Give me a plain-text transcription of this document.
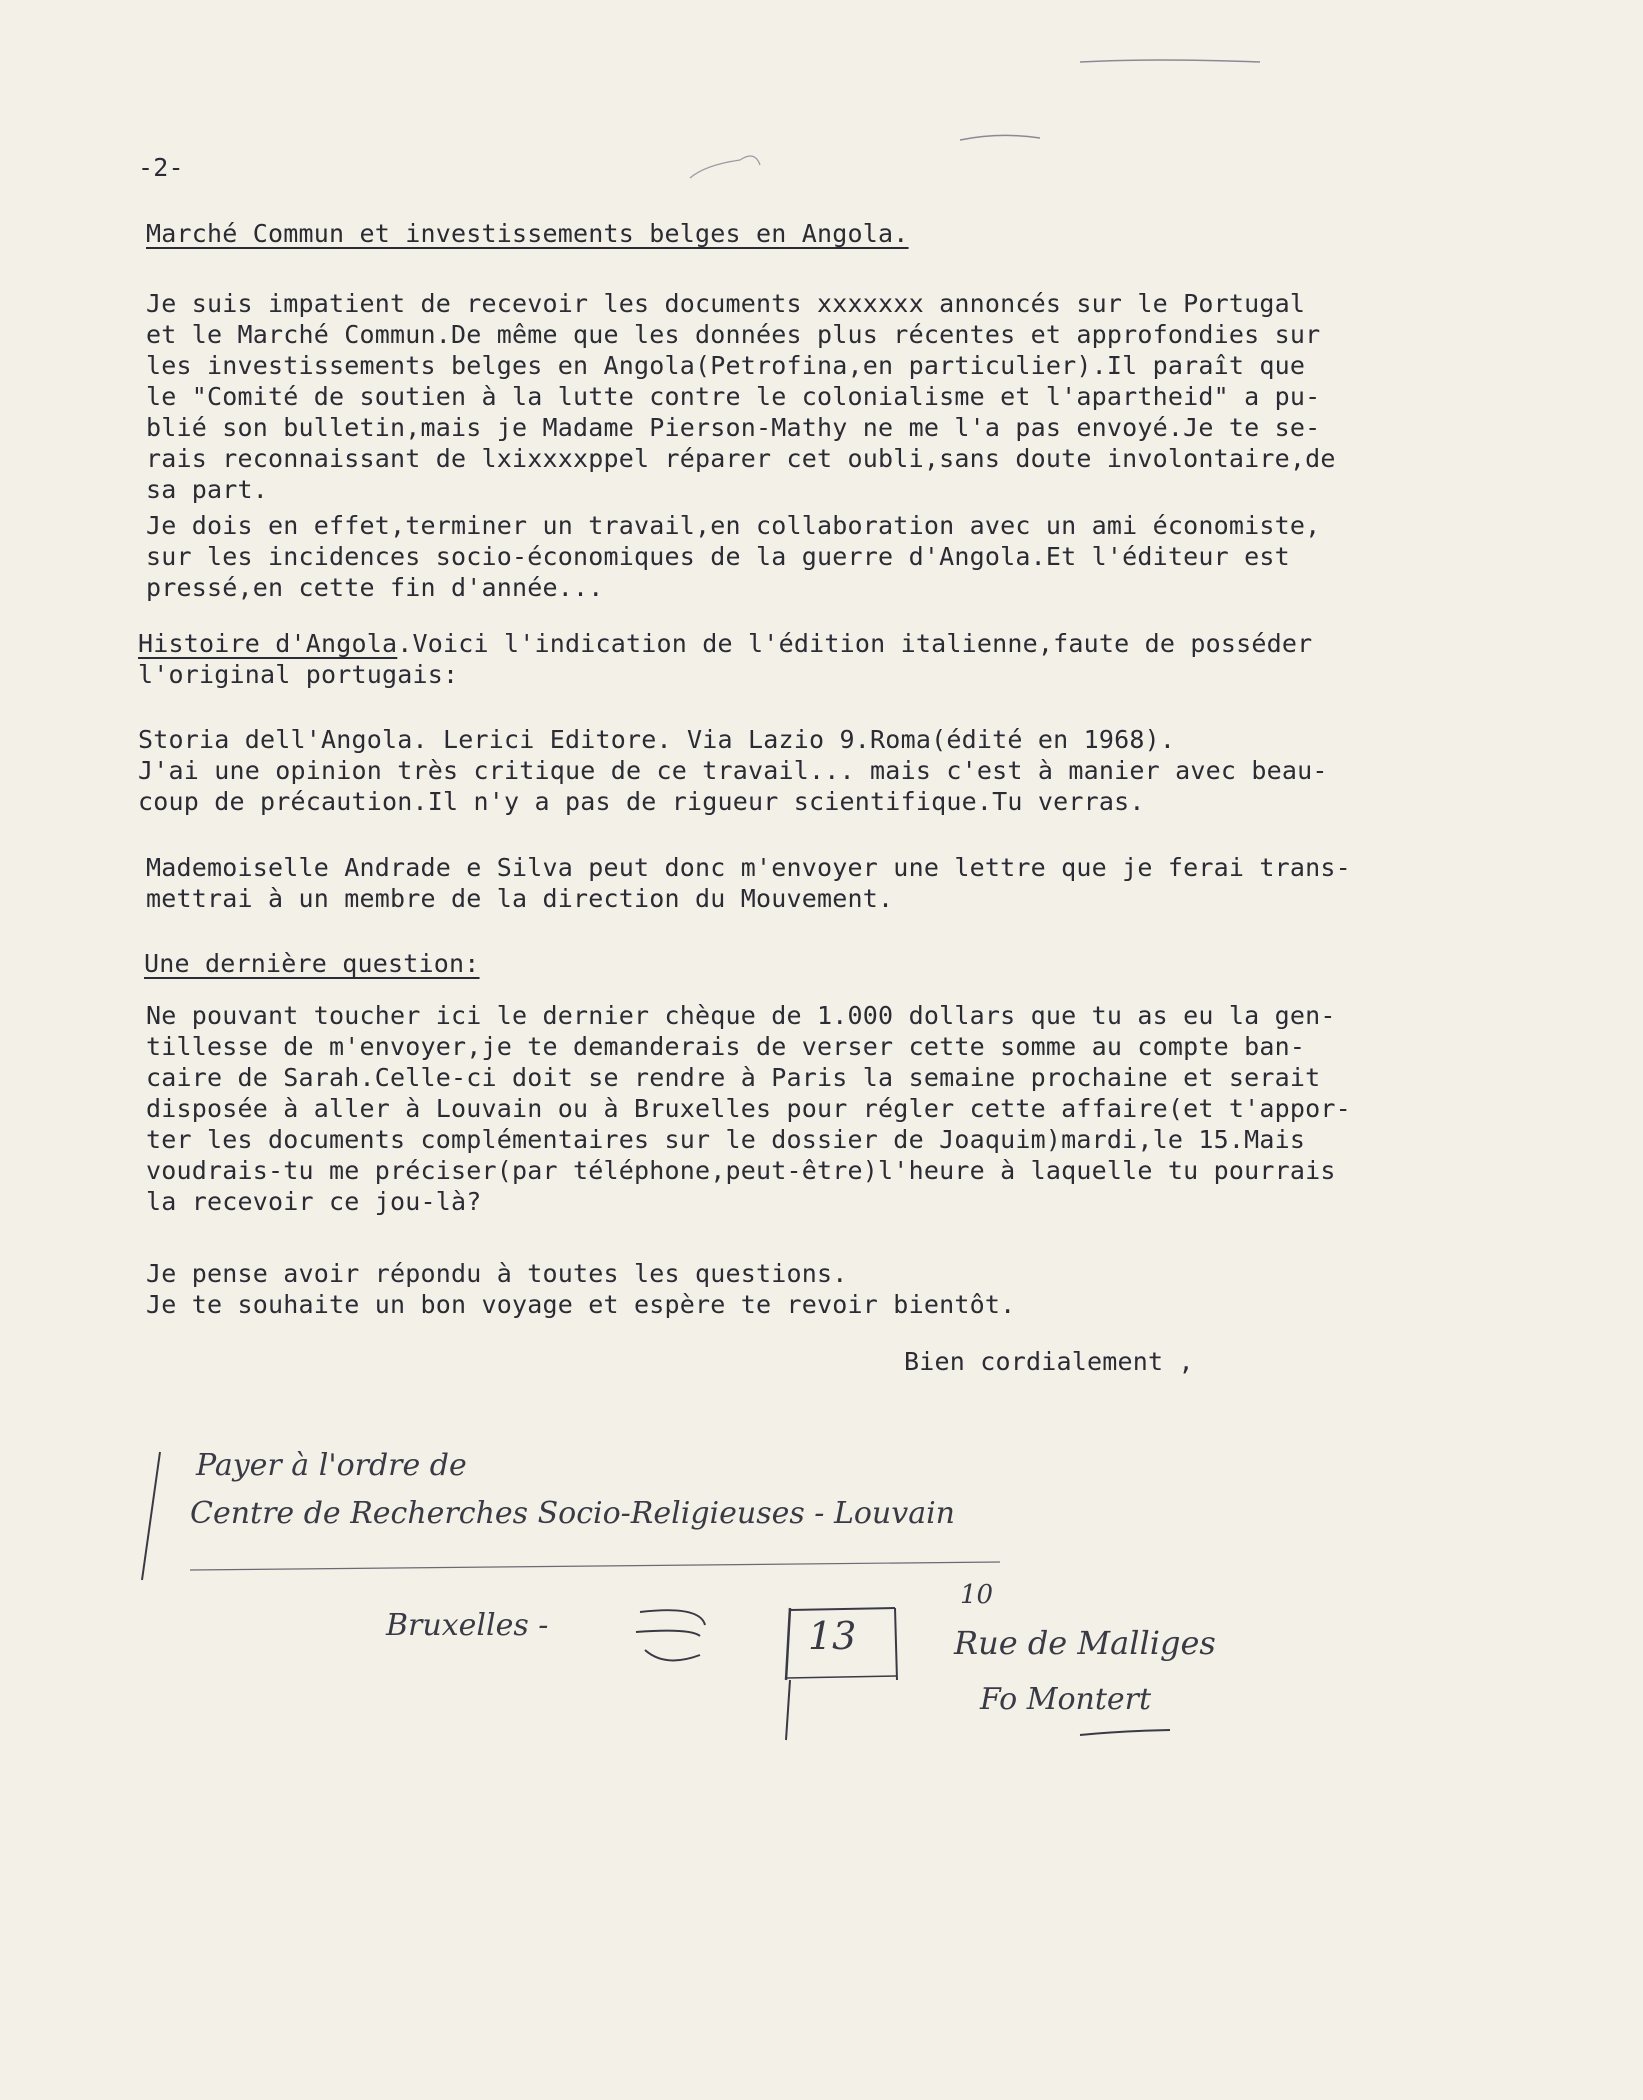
-2-
Marché Commun et investissements belges en Angola.
Je suis impatient de recevoir les documents xxxxxxx annoncés sur le Portugal
et le Marché Commun.De même que les données plus récentes et approfondies sur
les investissements belges en Angola(Petrofina,en particulier).Il paraît que
le "Comité de soutien à la lutte contre le colonialisme et l'apartheid" a pu-
blié son bulletin,mais je Madame Pierson-Mathy ne me l'a pas envoyé.Je te se-
rais reconnaissant de lxixxxxppel réparer cet oubli,sans doute involontaire,de
sa part.
Je dois en effet,terminer un travail,en collaboration avec un ami économiste,
sur les incidences socio-économiques de la guerre d'Angola.Et l'éditeur est
pressé,en cette fin d'année...
Histoire d'Angola.Voici l'indication de l'édition italienne,faute de posséder
l'original portugais:
Storia dell'Angola. Lerici Editore. Via Lazio 9.Roma(édité en 1968).
J'ai une opinion très critique de ce travail... mais c'est à manier avec beau-
coup de précaution.Il n'y a pas de rigueur scientifique.Tu verras.
Mademoiselle Andrade e Silva peut donc m'envoyer une lettre que je ferai trans-
mettrai à un membre de la direction du Mouvement.
Une dernière question:
Ne pouvant toucher ici le dernier chèque de 1.000 dollars que tu as eu la gen-
tillesse de m'envoyer,je te demanderais de verser cette somme au compte ban-
caire de Sarah.Celle-ci doit se rendre à Paris la semaine prochaine et serait
disposée à aller à Louvain ou à Bruxelles pour régler cette affaire(et t'appor-
ter les documents complémentaires sur le dossier de Joaquim)mardi,le 15.Mais
voudrais-tu me préciser(par téléphone,peut-être)l'heure à laquelle tu pourrais
la recevoir ce jou-là?
Je pense avoir répondu à toutes les questions.
Je te souhaite un bon voyage et espère te revoir bientôt.
Bien cordialement ,
Payer à l'ordre de
Centre de Recherches Socio-Religieuses - Louvain
Bruxelles -	13
10
Rue de Malliges
Fo Montert
